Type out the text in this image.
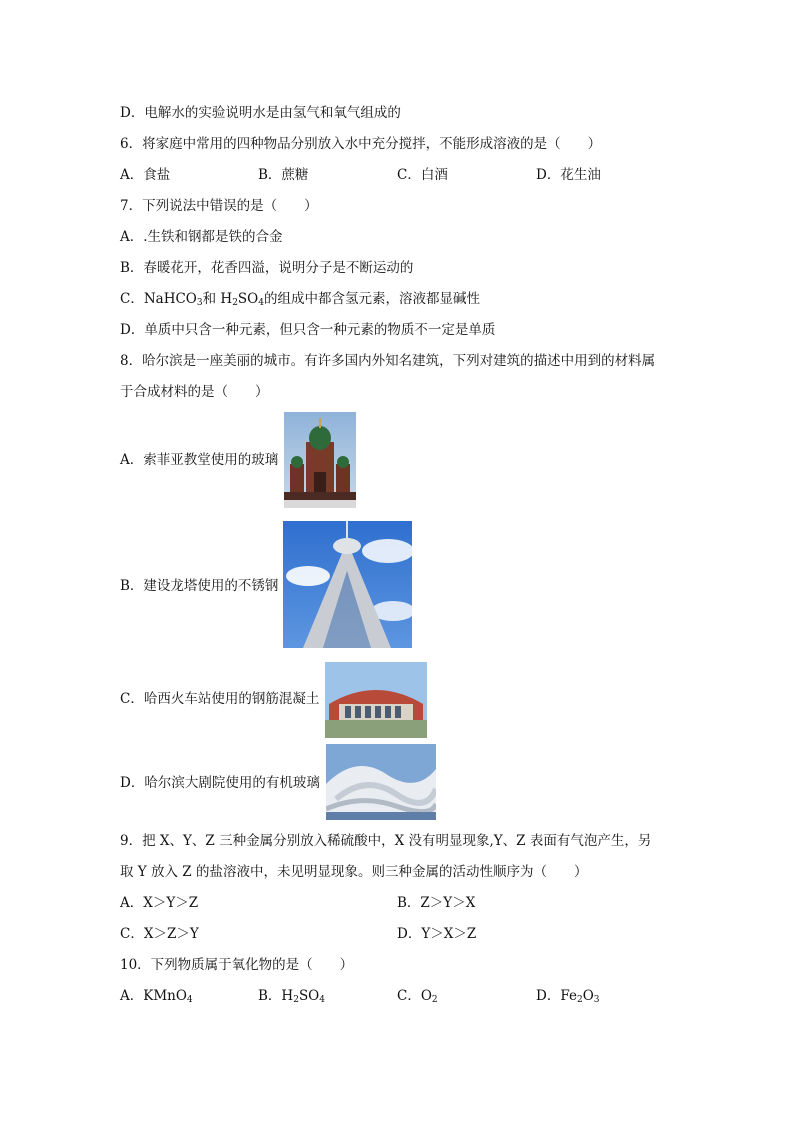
D．电解水的实验说明水是由氢气和氧气组成的
6．将家庭中常用的四种物品分别放入水中充分搅拌，不能形成溶液的是（　　）
A．食盐	B．蔗糖	C．白酒	D．花生油
7．下列说法中错误的是（　　）
A．.生铁和钢都是铁的合金
B．春暖花开，花香四溢，说明分子是不断运动的
C．NaHCO$_3$和 $H_2SO_4$的组成中都含氢元素，溶液都显碱性
D．单质中只含一种元素，但只含一种元素的物质不一定是单质
8．哈尔滨是一座美丽的城市。有许多国内外知名建筑，下列对建筑的描述中用到的材料属
于合成材料的是（　　）
A．索菲亚教堂使用的玻璃
B．建设龙塔使用的不锈钢
C．哈西火车站使用的钢筋混凝土
D．哈尔滨大剧院使用的有机玻璃
9．把 X、Y、Z 三种金属分别放入稀硫酸中，X 没有明显现象,Y、Z 表面有气泡产生，另
取 Y 放入 Z 的盐溶液中，未见明显现象。则三种金属的活动性顺序为（　　）
A．X＞Y＞Z	B．Z＞Y＞X
C．X＞Z＞Y	D．Y＞X＞Z
10．下列物质属于氧化物的是（　　）
A．KMnO$_4$	B．$H_2SO_4$	C．$O_2$	D．$Fe_2O_3$
